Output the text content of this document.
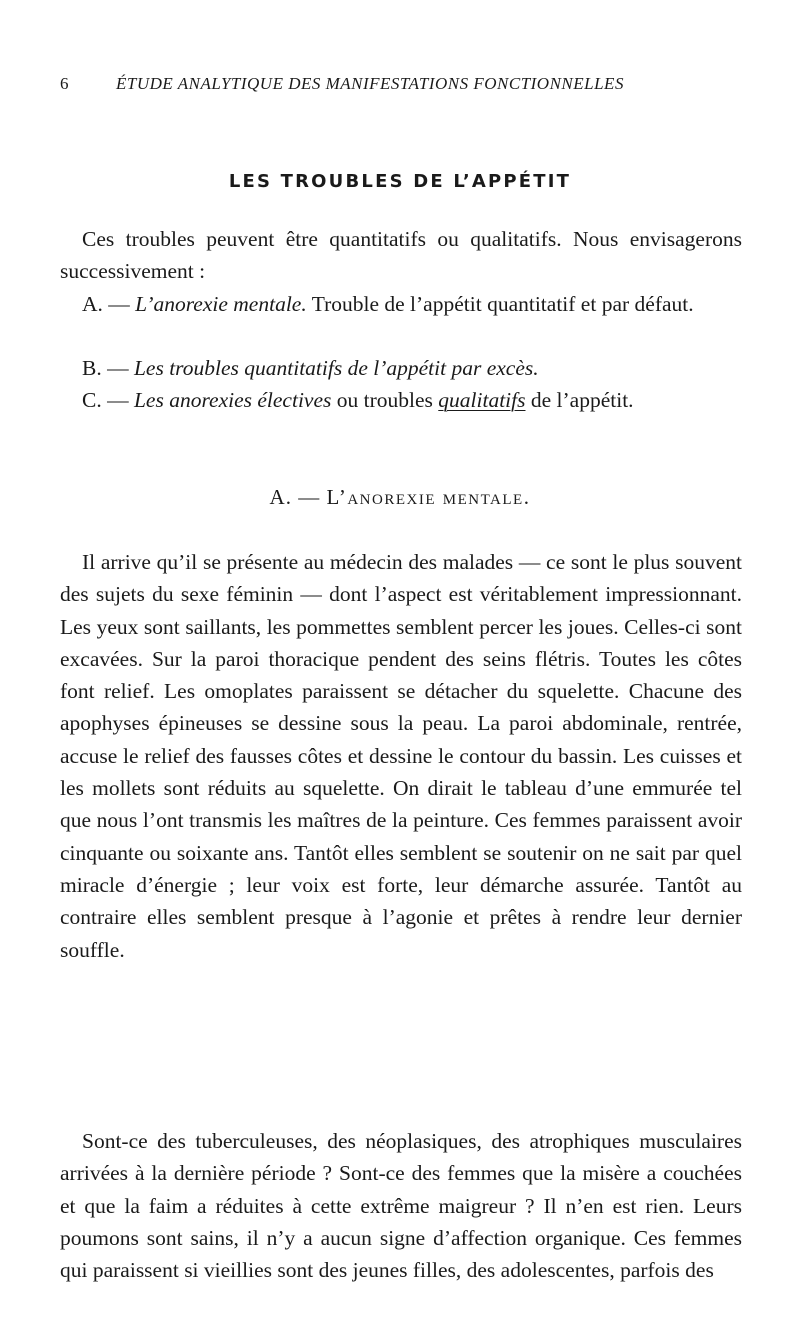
6	ÉTUDE ANALYTIQUE DES MANIFESTATIONS FONCTIONNELLES
LES TROUBLES DE L’APPÉTIT

Ces troubles peuvent être quantitatifs ou qualitatifs. Nous envisagerons successivement :

A. — L’anorexie mentale. Trouble de l’appétit quantitatif et par défaut.

B. — Les troubles quantitatifs de l’appétit par excès.

C. — Les anorexies électives ou troubles qualitatifs de l’appétit.

A. — L’anorexie mentale.

Il arrive qu’il se présente au médecin des malades — ce sont le plus souvent des sujets du sexe féminin — dont l’aspect est véritablement impressionnant. Les yeux sont saillants, les pommettes semblent percer les joues. Celles-ci sont excavées. Sur la paroi thoracique pendent des seins flétris. Toutes les côtes font relief. Les omoplates paraissent se détacher du squelette. Chacune des apophyses épineuses se dessine sous la peau. La paroi abdominale, rentrée, accuse le relief des fausses côtes et dessine le contour du bassin. Les cuisses et les mollets sont réduits au squelette. On dirait le tableau d’une emmurée tel que nous l’ont transmis les maîtres de la peinture. Ces femmes paraissent avoir cinquante ou soixante ans. Tantôt elles semblent se soutenir on ne sait par quel miracle d’énergie ; leur voix est forte, leur démarche assurée. Tantôt au contraire elles semblent presque à l’agonie et prêtes à rendre leur dernier souffle.

Sont-ce des tuberculeuses, des néoplasiques, des atrophiques musculaires arrivées à la dernière période ? Sont-ce des femmes que la misère a couchées et que la faim a réduites à cette extrême maigreur ? Il n’en est rien. Leurs poumons sont sains, il n’y a aucun signe d’affection organique. Ces femmes qui paraissent si vieillies sont des jeunes filles, des adolescentes, parfois des
